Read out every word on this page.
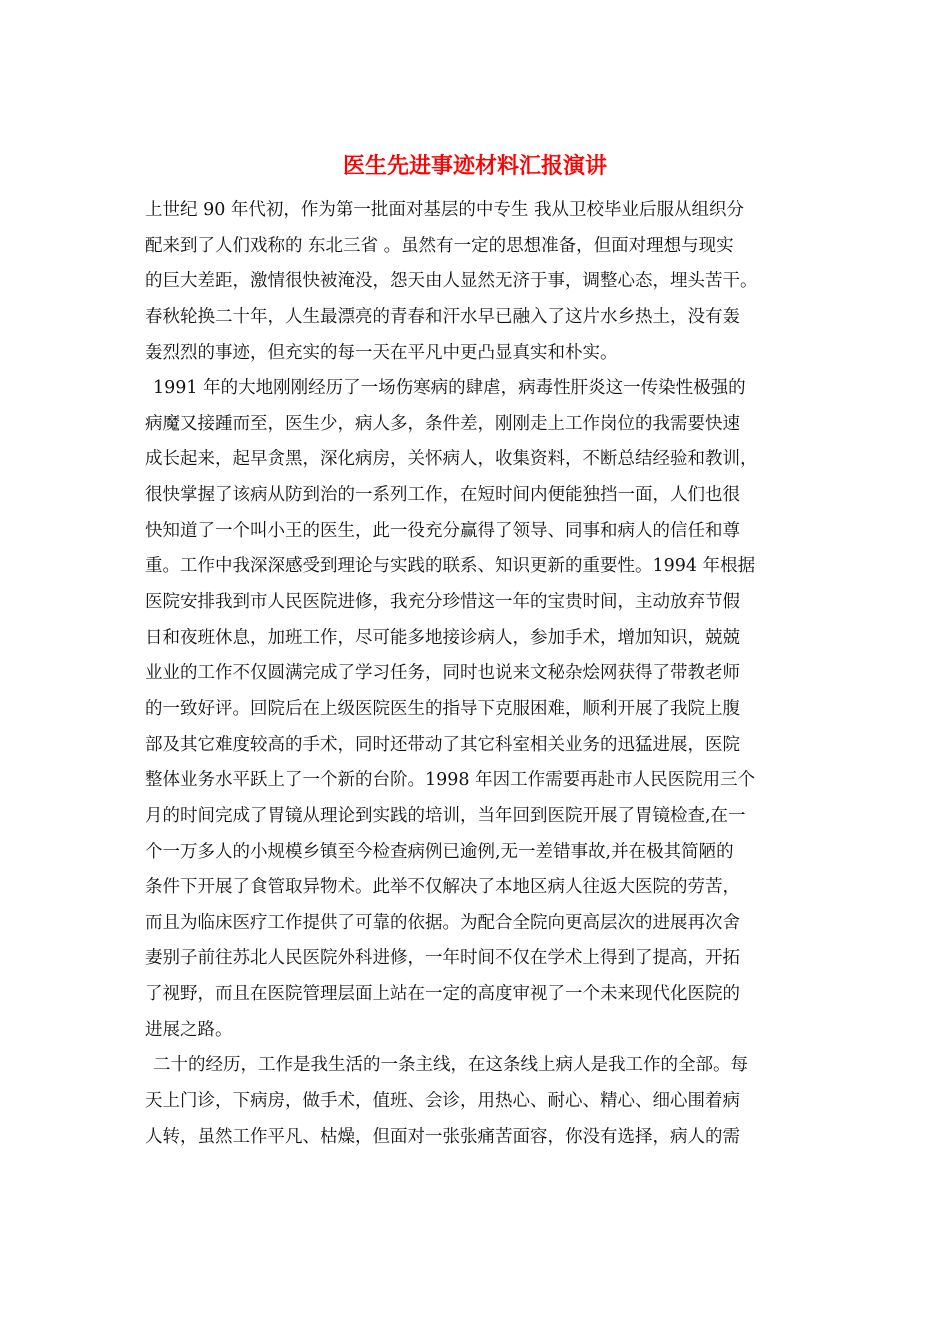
医生先进事迹材料汇报演讲
上世纪 90 年代初，作为第一批面对基层的中专生 我从卫校毕业后服从组织分
配来到了人们戏称的 东北三省 。虽然有一定的思想准备，但面对理想与现实
的巨大差距，激情很快被淹没，怨天由人显然无济于事，调整心态，埋头苦干。
春秋轮换二十年，人生最漂亮的青春和汗水早已融入了这片水乡热土，没有轰
轰烈烈的事迹，但充实的每一天在平凡中更凸显真实和朴实。
1991 年的大地刚刚经历了一场伤寒病的肆虐，病毒性肝炎这一传染性极强的
病魔又接踵而至，医生少，病人多，条件差，刚刚走上工作岗位的我需要快速
成长起来，起早贪黑，深化病房，关怀病人，收集资料，不断总结经验和教训，
很快掌握了该病从防到治的一系列工作，在短时间内便能独挡一面，人们也很
快知道了一个叫小王的医生，此一役充分赢得了领导、同事和病人的信任和尊
重。工作中我深深感受到理论与实践的联系、知识更新的重要性。1994 年根据
医院安排我到市人民医院进修，我充分珍惜这一年的宝贵时间，主动放弃节假
日和夜班休息，加班工作，尽可能多地接诊病人，参加手术，增加知识，兢兢
业业的工作不仅圆满完成了学习任务，同时也说来文秘杂烩网获得了带教老师
的一致好评。回院后在上级医院医生的指导下克服困难，顺利开展了我院上腹
部及其它难度较高的手术，同时还带动了其它科室相关业务的迅猛进展，医院
整体业务水平跃上了一个新的台阶。1998 年因工作需要再赴市人民医院用三个
月的时间完成了胃镜从理论到实践的培训，当年回到医院开展了胃镜检查,在一
个一万多人的小规模乡镇至今检查病例已逾例,无一差错事故,并在极其简陋的
条件下开展了食管取异物术。此举不仅解决了本地区病人往返大医院的劳苦，
而且为临床医疗工作提供了可靠的依据。为配合全院向更高层次的进展再次舍
妻别子前往苏北人民医院外科进修，一年时间不仅在学术上得到了提高，开拓
了视野，而且在医院管理层面上站在一定的高度审视了一个未来现代化医院的
进展之路。
二十的经历，工作是我生活的一条主线，在这条线上病人是我工作的全部。每
天上门诊，下病房，做手术，值班、会诊，用热心、耐心、精心、细心围着病
人转，虽然工作平凡、枯燥，但面对一张张痛苦面容，你没有选择，病人的需
